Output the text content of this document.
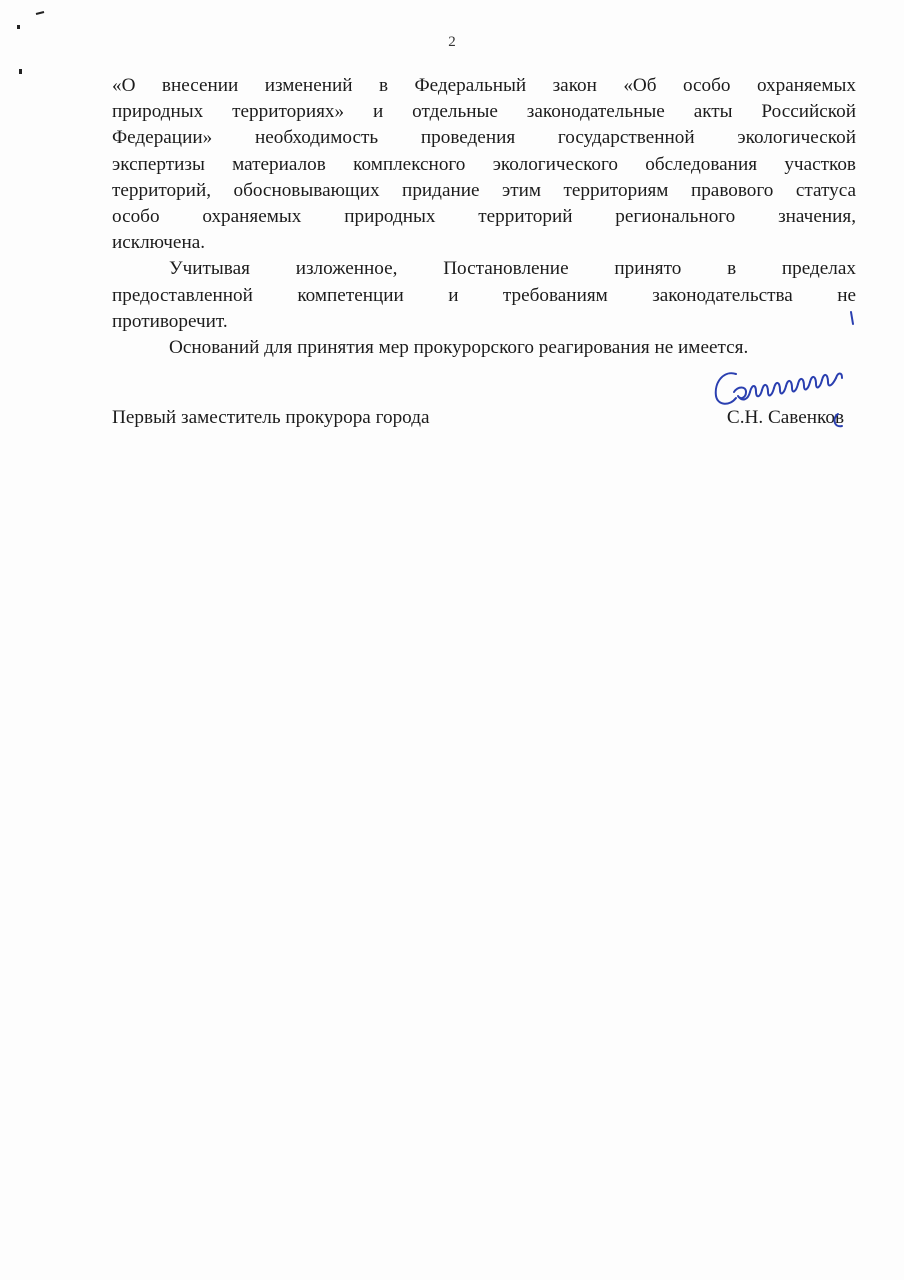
2
«О внесении изменений в Федеральный закон «Об особо охраняемых
природных территориях» и отдельные законодательные акты Российской
Федерации» необходимость проведения государственной экологической
экспертизы материалов комплексного экологического обследования участков
территорий, обосновывающих придание этим территориям правового статуса
особо охраняемых природных территорий регионального значения,
исключена.
Учитывая изложенное, Постановление принято в пределах
предоставленной компетенции и требованиям законодательства не
противоречит.
Оснований для принятия мер прокурорского реагирования не имеется.
Первый заместитель прокурора города	С.Н. Савенков
